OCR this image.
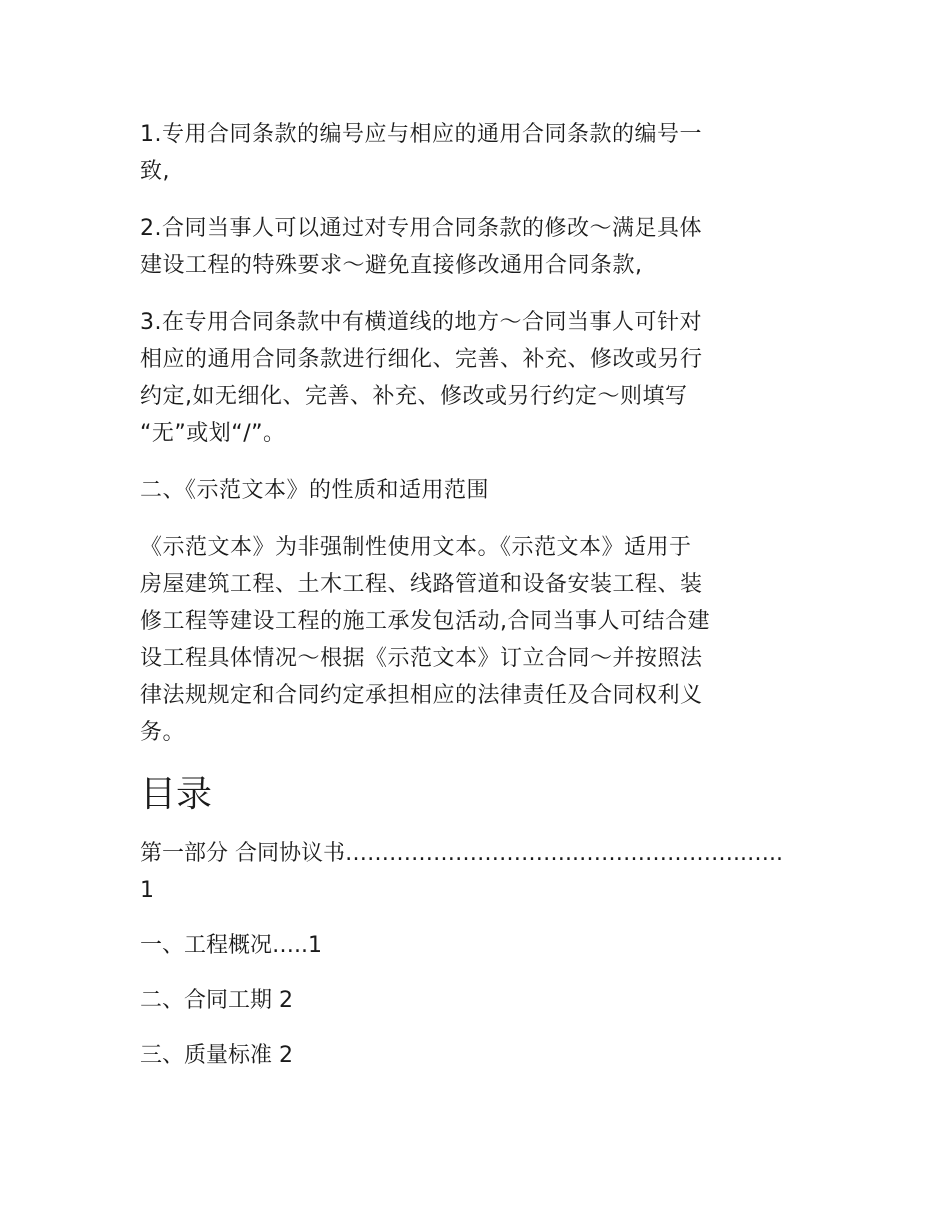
1.专用合同条款的编号应与相应的通用合同条款的编号一
致,

2.合同当事人可以通过对专用合同条款的修改～满足具体
建设工程的特殊要求～避免直接修改通用合同条款,

3.在专用合同条款中有横道线的地方～合同当事人可针对
相应的通用合同条款进行细化、完善、补充、修改或另行
约定,如无细化、完善、补充、修改或另行约定～则填写
“无”或划“/”。

二、《示范文本》的性质和适用范围

《示范文本》为非强制性使用文本。《示范文本》适用于
房屋建筑工程、土木工程、线路管道和设备安装工程、装
修工程等建设工程的施工承发包活动,合同当事人可结合建
设工程具体情况～根据《示范文本》订立合同～并按照法
律法规规定和合同约定承担相应的法律责任及合同权利义
务。

目录
第一部分 合同协议书…………………………..…………………..…..
1
一、工程概况…..1
二、合同工期 2
三、质量标准 2
